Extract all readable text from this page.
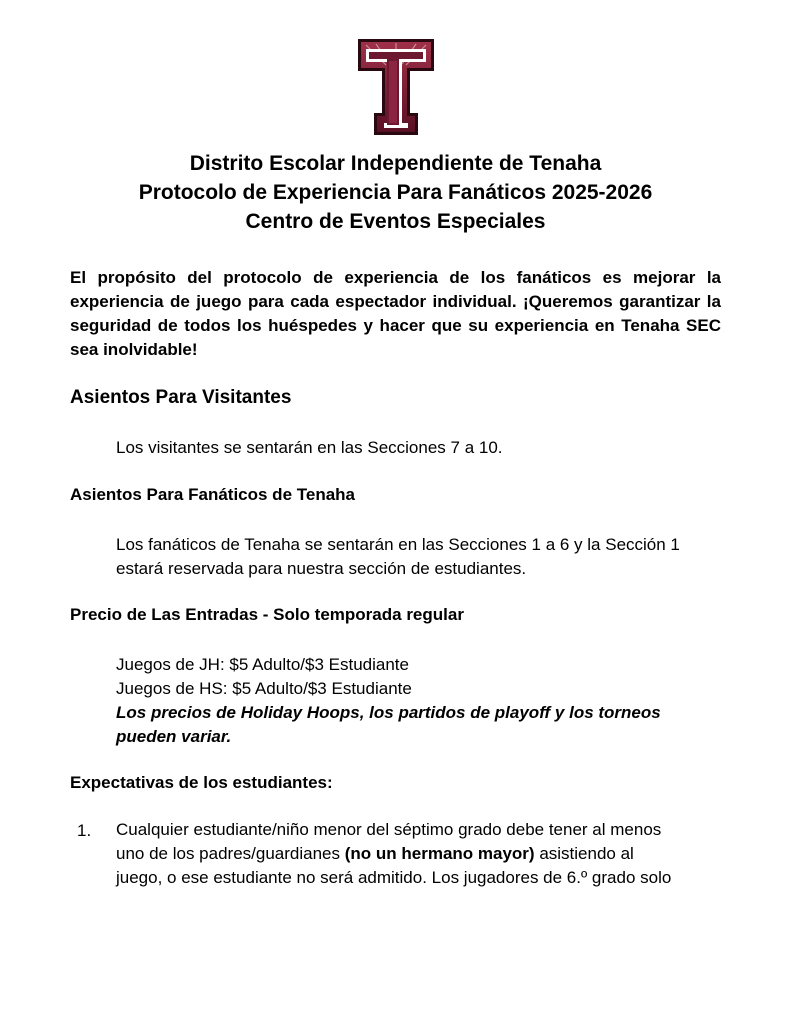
Distrito Escolar Independiente de Tenaha
Protocolo de Experiencia Para Fanáticos 2025-2026
Centro de Eventos Especiales
El propósito del protocolo de experiencia de los fanáticos es mejorar la experiencia de juego para cada espectador individual. ¡Queremos garantizar la seguridad de todos los huéspedes y hacer que su experiencia en Tenaha SEC sea inolvidable!
Asientos Para Visitantes
Los visitantes se sentarán en las Secciones 7 a 10.
Asientos Para Fanáticos de Tenaha
Los fanáticos de Tenaha se sentarán en las Secciones 1 a 6 y la Sección 1
estará reservada para nuestra sección de estudiantes.
Precio de Las Entradas - Solo temporada regular
Juegos de JH: $5 Adulto/$3 Estudiante
Juegos de HS: $5 Adulto/$3 Estudiante
Los precios de Holiday Hoops, los partidos de playoff y los torneos
pueden variar.
Expectativas de los estudiantes:
1. Cualquier estudiante/niño menor del séptimo grado debe tener al menos
uno de los padres/guardianes (no un hermano mayor) asistiendo al
juego, o ese estudiante no será admitido. Los jugadores de 6.º grado solo
